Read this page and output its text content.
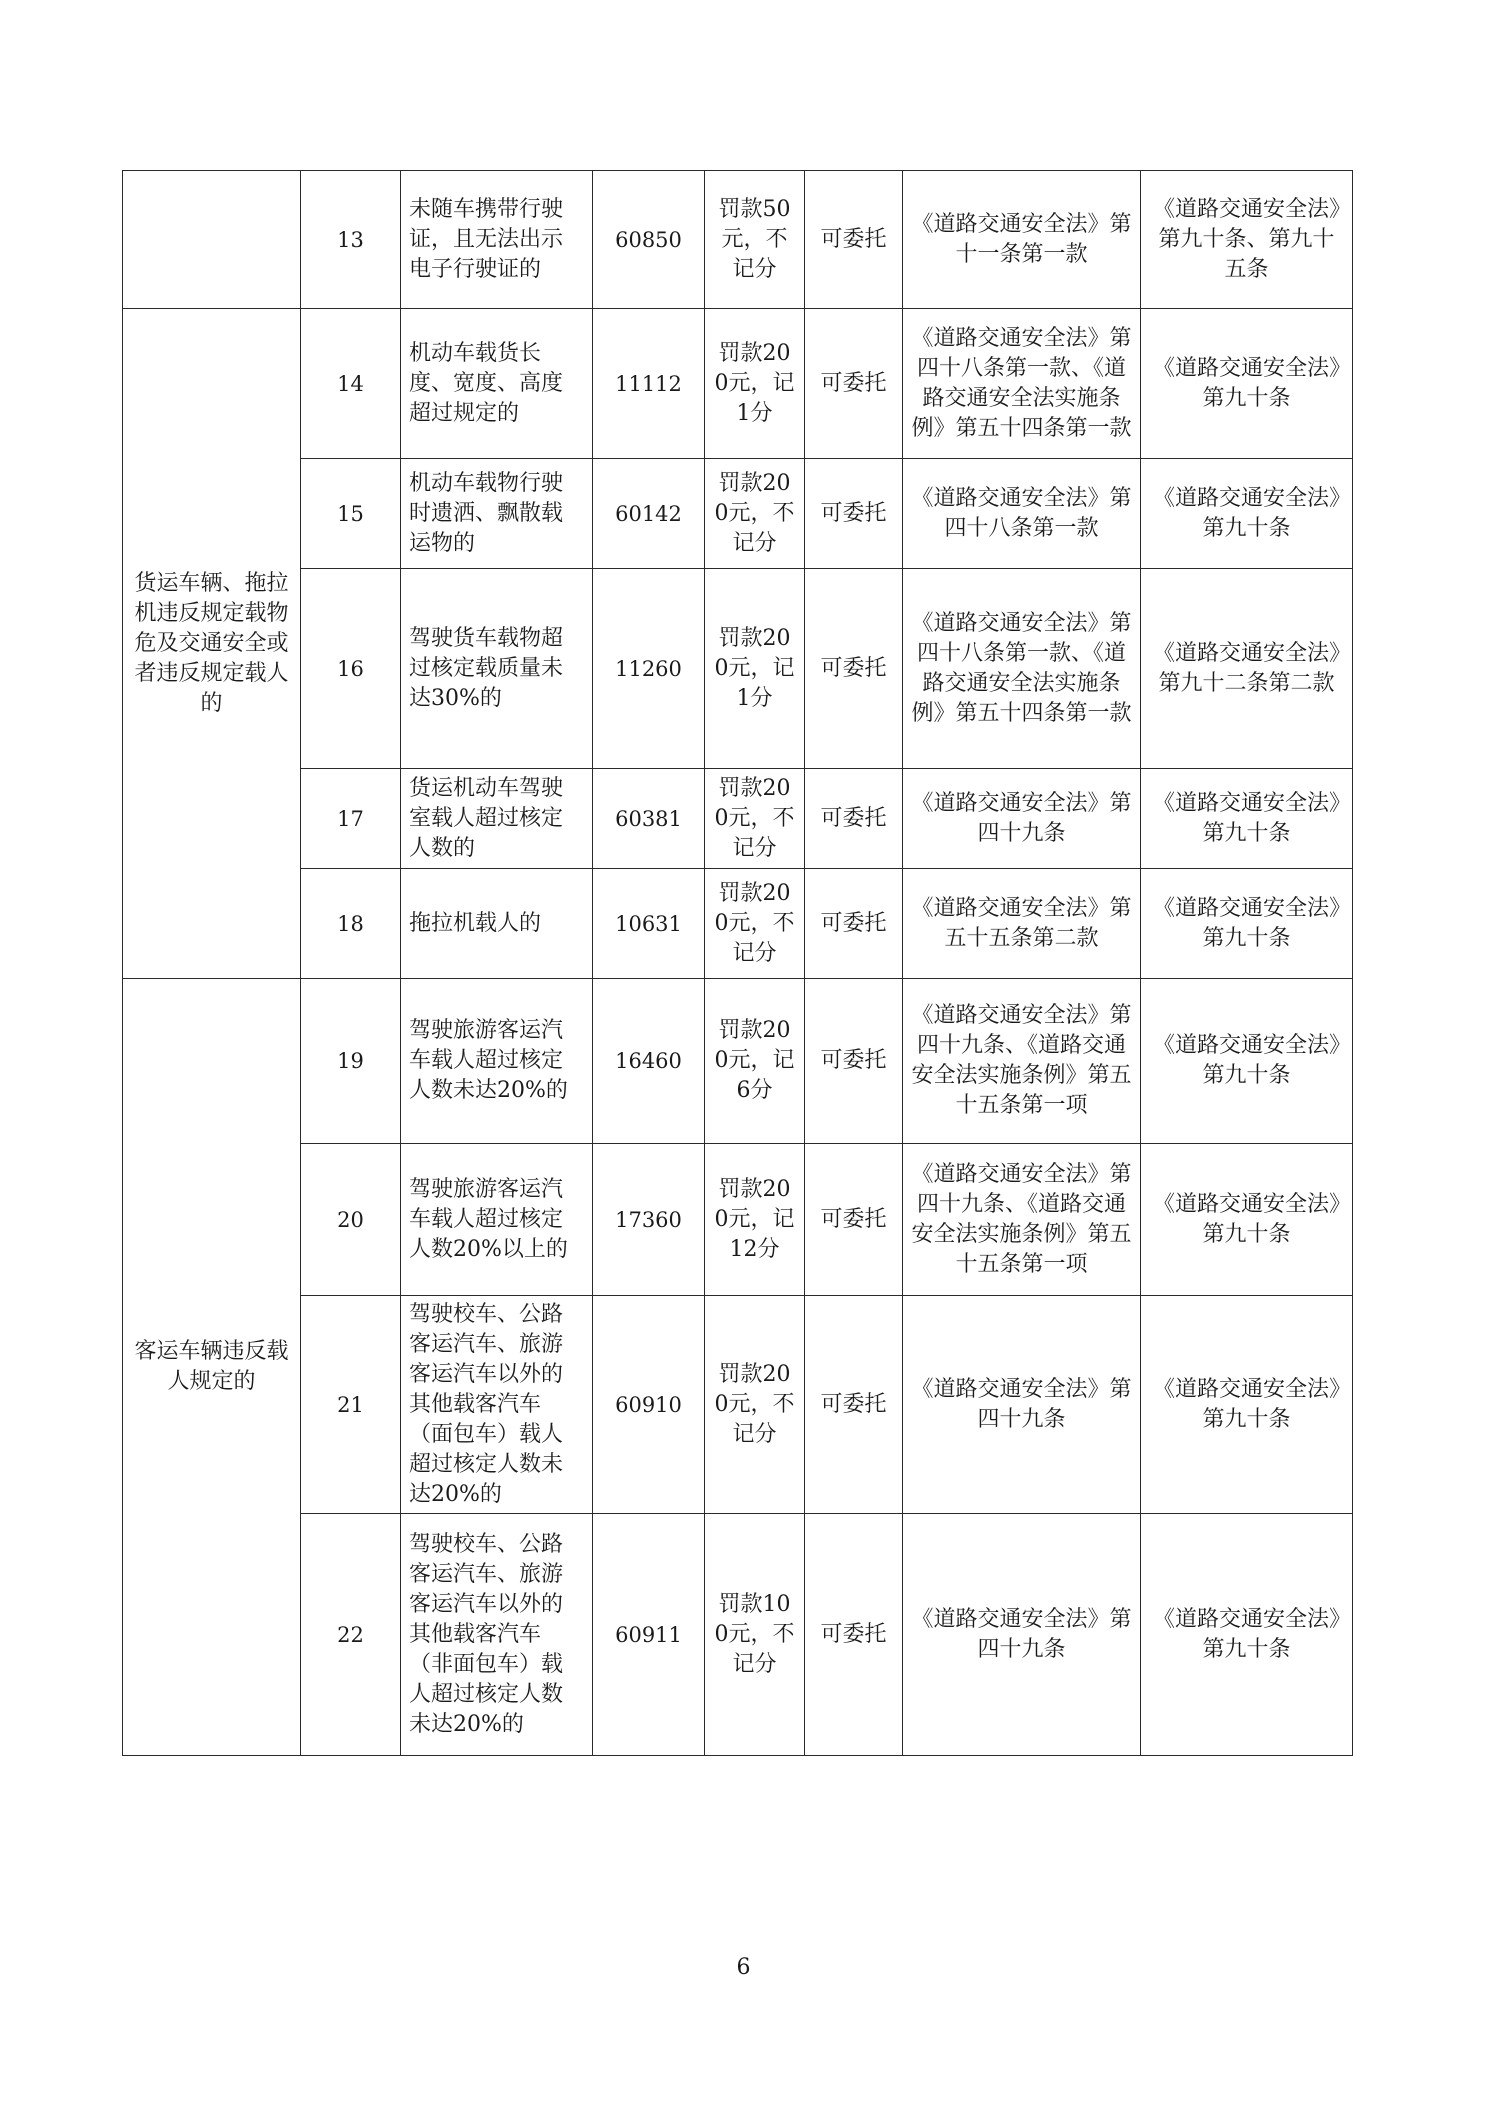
	13	未随车携带行驶证，且无法出示电子行驶证的	60850	罚款50元，不记分	可委托	《道路交通安全法》第十一条第一款	《道路交通安全法》第九十条、第九十五条
货运车辆、拖拉机违反规定载物危及交通安全或者违反规定载人的	14	机动车载货长度、宽度、高度超过规定的	11112	罚款200元，记1分	可委托	《道路交通安全法》第四十八条第一款、《道路交通安全法实施条例》第五十四条第一款	《道路交通安全法》第九十条
	15	机动车载物行驶时遗洒、飘散载运物的	60142	罚款200元，不记分	可委托	《道路交通安全法》第四十八条第一款	《道路交通安全法》第九十条
	16	驾驶货车载物超过核定载质量未达30%的	11260	罚款200元，记1分	可委托	《道路交通安全法》第四十八条第一款、《道路交通安全法实施条例》第五十四条第一款	《道路交通安全法》第九十二条第二款
	17	货运机动车驾驶室载人超过核定人数的	60381	罚款200元，不记分	可委托	《道路交通安全法》第四十九条	《道路交通安全法》第九十条
	18	拖拉机载人的	10631	罚款200元，不记分	可委托	《道路交通安全法》第五十五条第二款	《道路交通安全法》第九十条
客运车辆违反载人规定的	19	驾驶旅游客运汽车载人超过核定人数未达20%的	16460	罚款200元，记6分	可委托	《道路交通安全法》第四十九条、《道路交通安全法实施条例》第五十五条第一项	《道路交通安全法》第九十条
	20	驾驶旅游客运汽车载人超过核定人数20%以上的	17360	罚款200元，记12分	可委托	《道路交通安全法》第四十九条、《道路交通安全法实施条例》第五十五条第一项	《道路交通安全法》第九十条
	21	驾驶校车、公路客运汽车、旅游客运汽车以外的其他载客汽车（面包车）载人超过核定人数未达20%的	60910	罚款200元，不记分	可委托	《道路交通安全法》第四十九条	《道路交通安全法》第九十条
	22	驾驶校车、公路客运汽车、旅游客运汽车以外的其他载客汽车（非面包车）载人超过核定人数未达20%的	60911	罚款100元，不记分	可委托	《道路交通安全法》第四十九条	《道路交通安全法》第九十条
6
